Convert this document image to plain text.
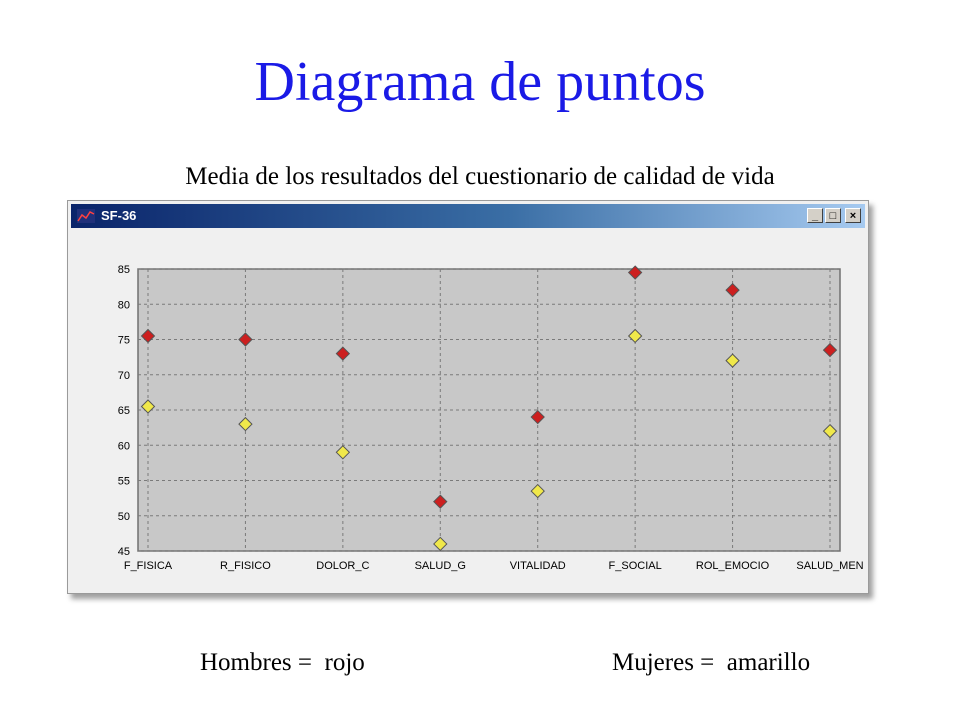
Diagrama de puntos
Media de los resultados del cuestionario de calidad de vida
SF-36	_	□	×
45
50
55
60
65
70
75
80
85
F_FISICA	R_FISICO	DOLOR_C	SALUD_G	VITALIDAD	F_SOCIAL	ROL_EMOCIO SALUD_MEN
Hombres =  rojo	Mujeres =  amarillo
